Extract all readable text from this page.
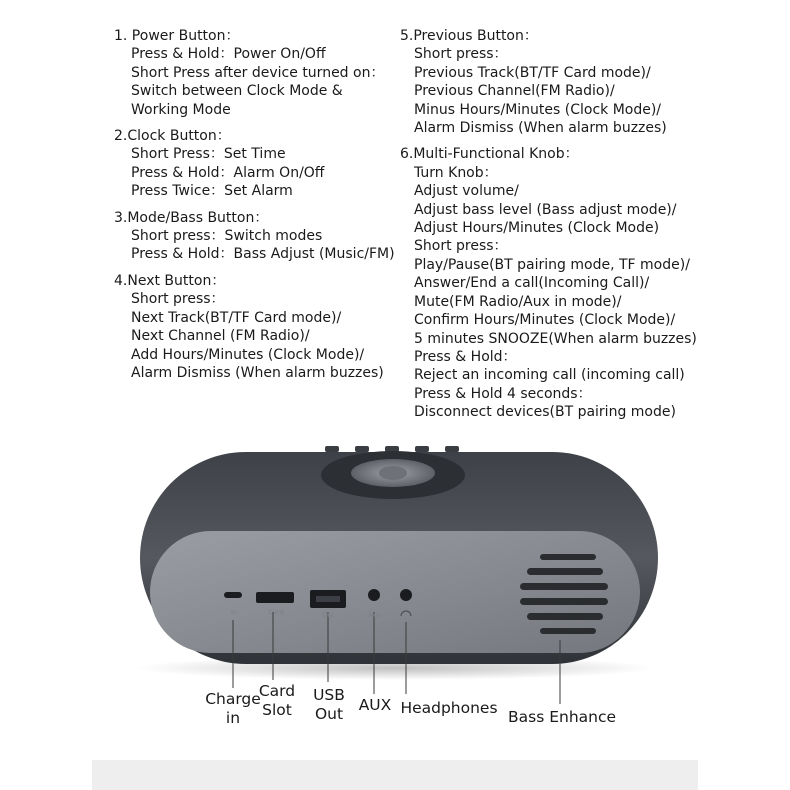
1. Power Button：
Press & Hold：Power On/Off
Short Press after device turned on：
Switch between Clock Mode &
Working Mode
2.Clock Button：
Short Press：Set Time
Press & Hold：Alarm On/Off
Press Twice：Set Alarm
3.Mode/Bass Button：
Short press：Switch modes
Press & Hold：Bass Adjust (Music/FM)
4.Next Button：
Short press：
Next Track(BT/TF Card mode)/
Next Channel (FM Radio)/
Add Hours/Minutes (Clock Mode)/
Alarm Dismiss (When alarm buzzes)
5.Previous Button：
Short press：
Previous Track(BT/TF Card mode)/
Previous Channel(FM Radio)/
Minus Hours/Minutes (Clock Mode)/
Alarm Dismiss (When alarm buzzes)
6.Multi-Functional Knob：
Turn Knob：
Adjust volume/
Adjust bass level (Bass adjust mode)/
Adjust Hours/Minutes (Clock Mode)
Short press：
Play/Pause(BT pairing mode, TF mode)/
Answer/End a call(Incoming Call)/
Mute(FM Radio/Aux in mode)/
Confirm Hours/Minutes (Clock Mode)/
5 minutes SNOOZE(When alarm buzzes)
Press & Hold：
Reject an incoming call (incoming call)
Press & Hold 4 seconds：
Disconnect devices(BT pairing mode)
In	Card	Out	Aux
Charge
in
Card
Slot
USB
Out	AUX Headphones Bass Enhance
